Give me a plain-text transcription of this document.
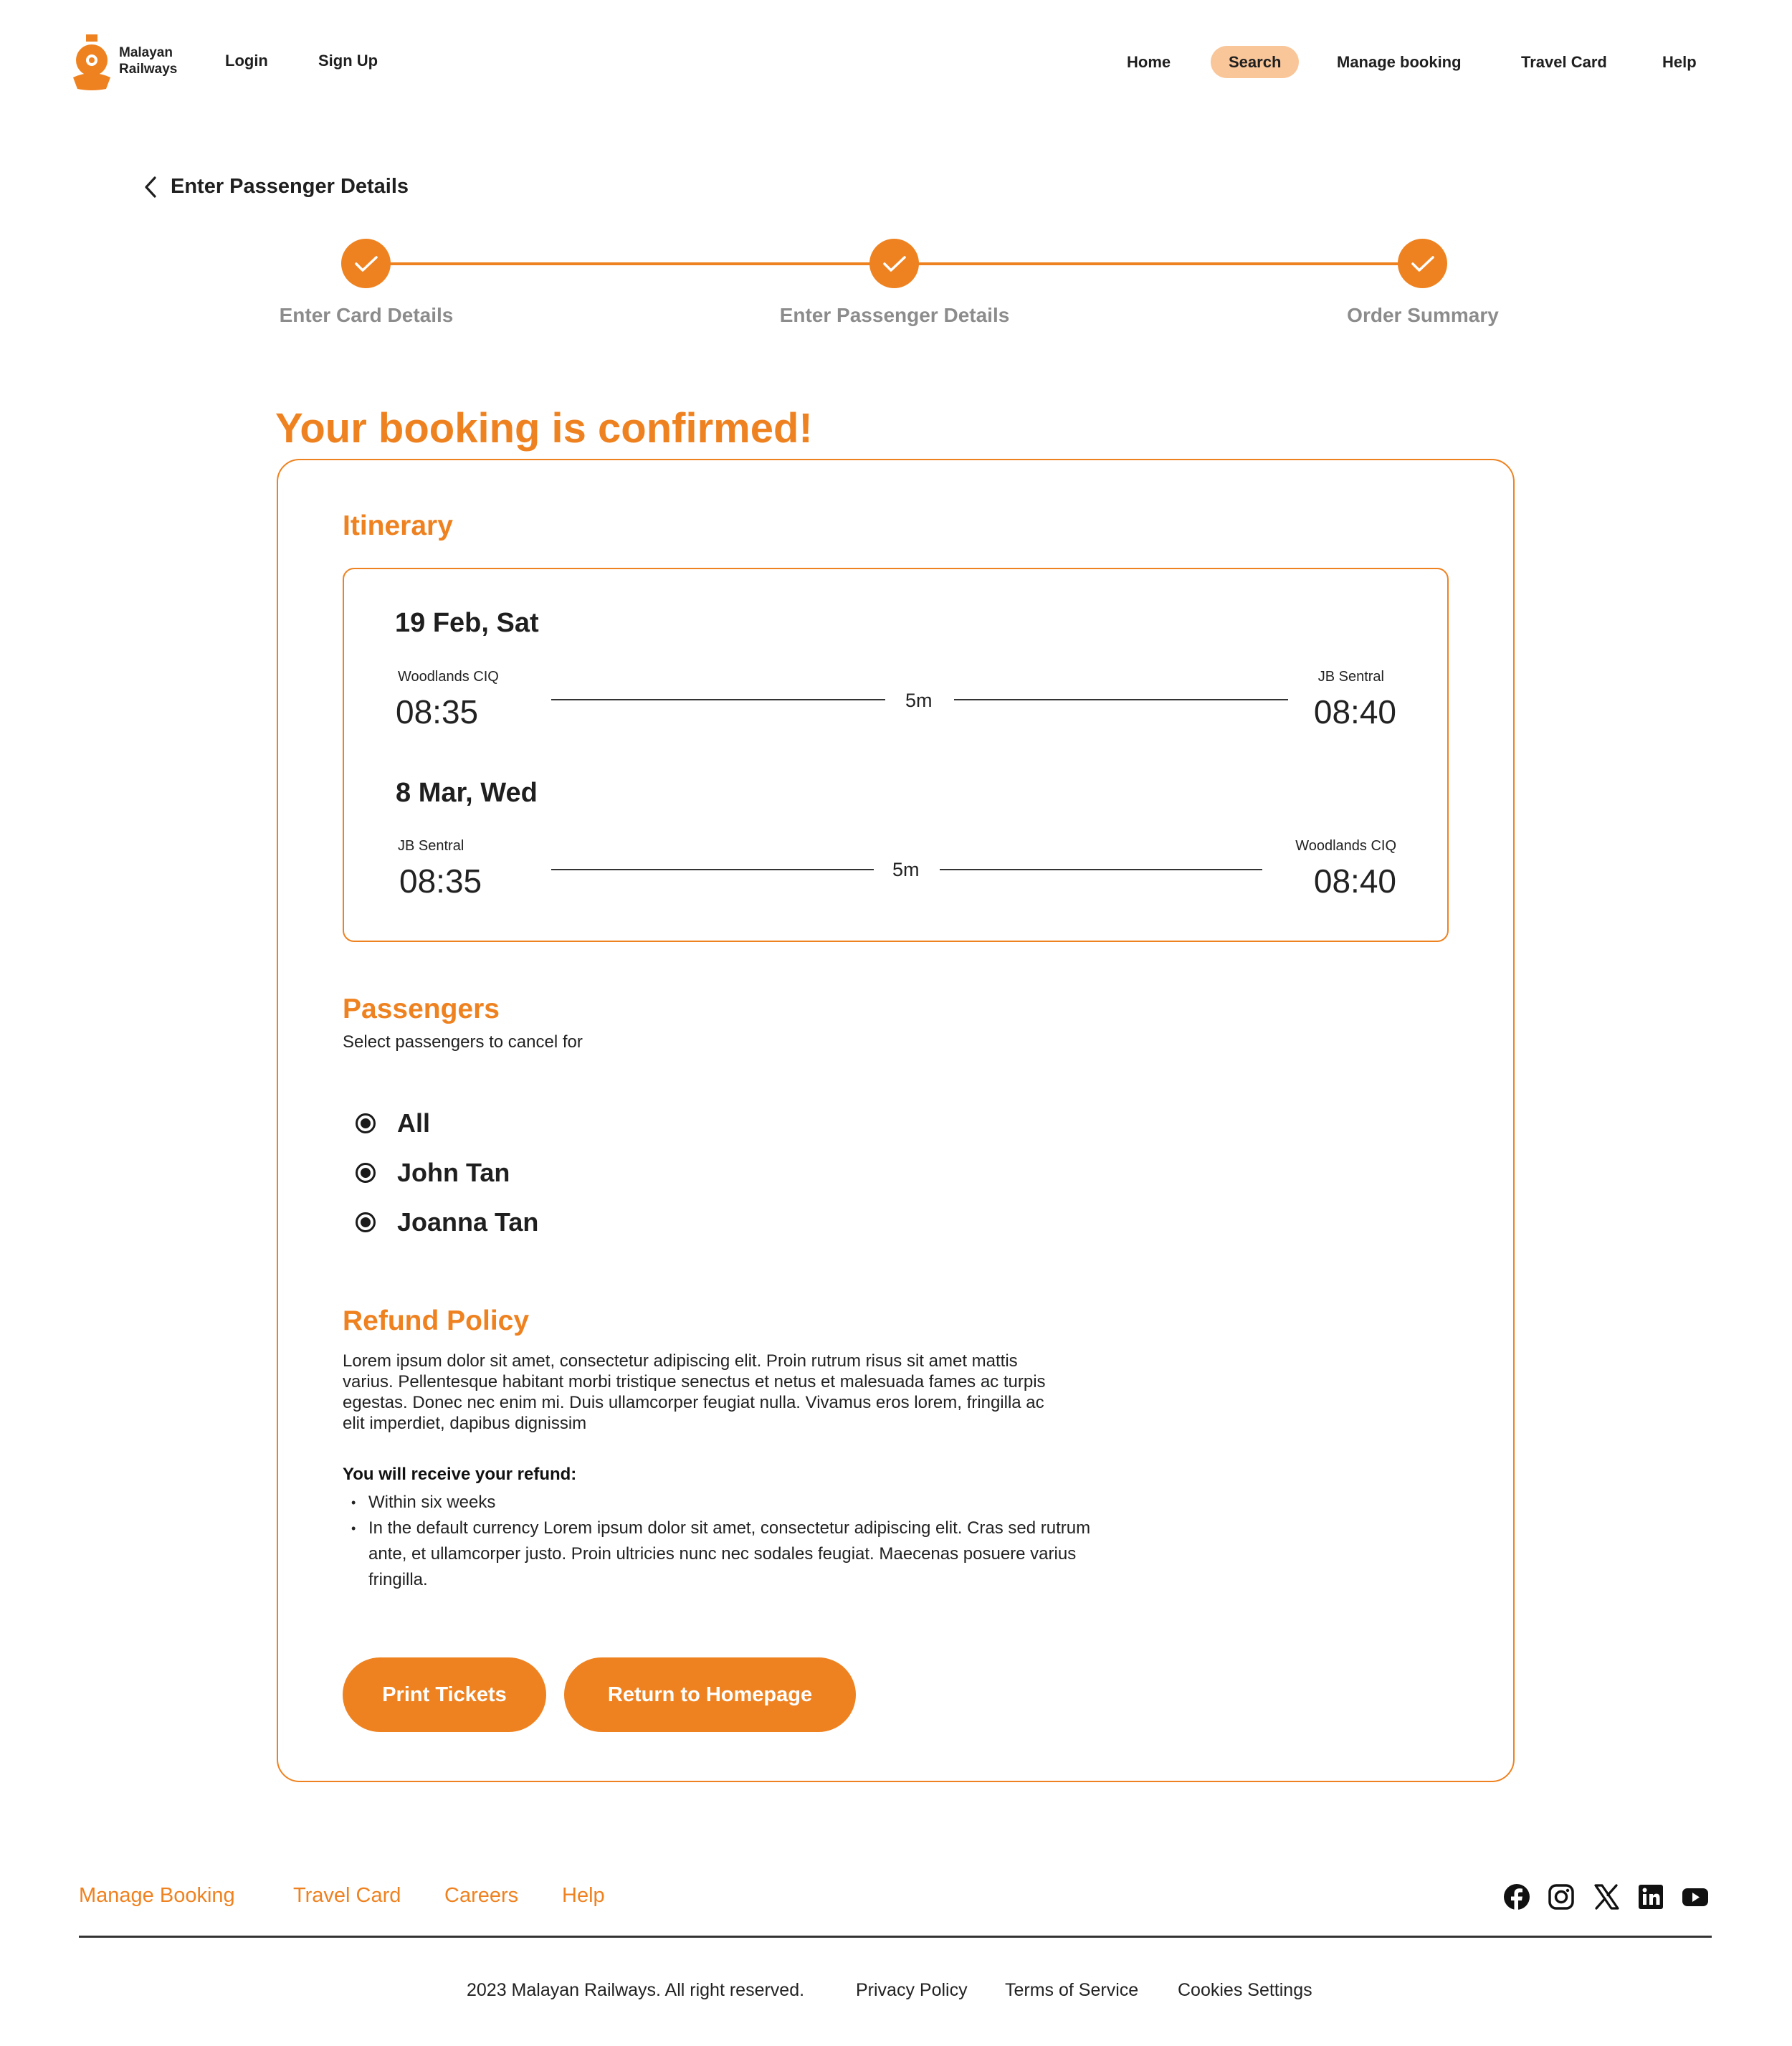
Malayan
Railways	Login	Sign Up	Home	Search	Manage booking	Travel Card	Help
Enter Passenger Details
Enter Card Details	Enter Passenger Details	Order Summary
Your booking is confirmed!
Itinerary
19 Feb, Sat
Woodlands CIQ
08:35	5m
JB Sentral
08:40
8 Mar, Wed
JB Sentral
08:35	5m
Woodlands CIQ
08:40
Passengers
Select passengers to cancel for
All
John Tan
Joanna Tan
Refund Policy

Lorem ipsum dolor sit amet, consectetur adipiscing elit. Proin rutrum risus sit amet mattis varius. Pellentesque habitant morbi tristique senectus et netus et malesuada fames ac turpis egestas. Donec nec enim mi. Duis ullamcorper feugiat nulla. Vivamus eros lorem, fringilla ac elit imperdiet, dapibus dignissim

You will receive your refund:
• Within six weeks
• In the default currency Lorem ipsum dolor sit amet, consectetur adipiscing elit. Cras sed rutrum ante, et ullamcorper justo. Proin ultricies nunc nec sodales feugiat. Maecenas posuere varius fringilla.
Print Tickets	Return to Homepage
Manage Booking	Travel Card Careers Help
2023 Malayan Railways. All right reserved.	Privacy Policy Terms of Service Cookies Settings
